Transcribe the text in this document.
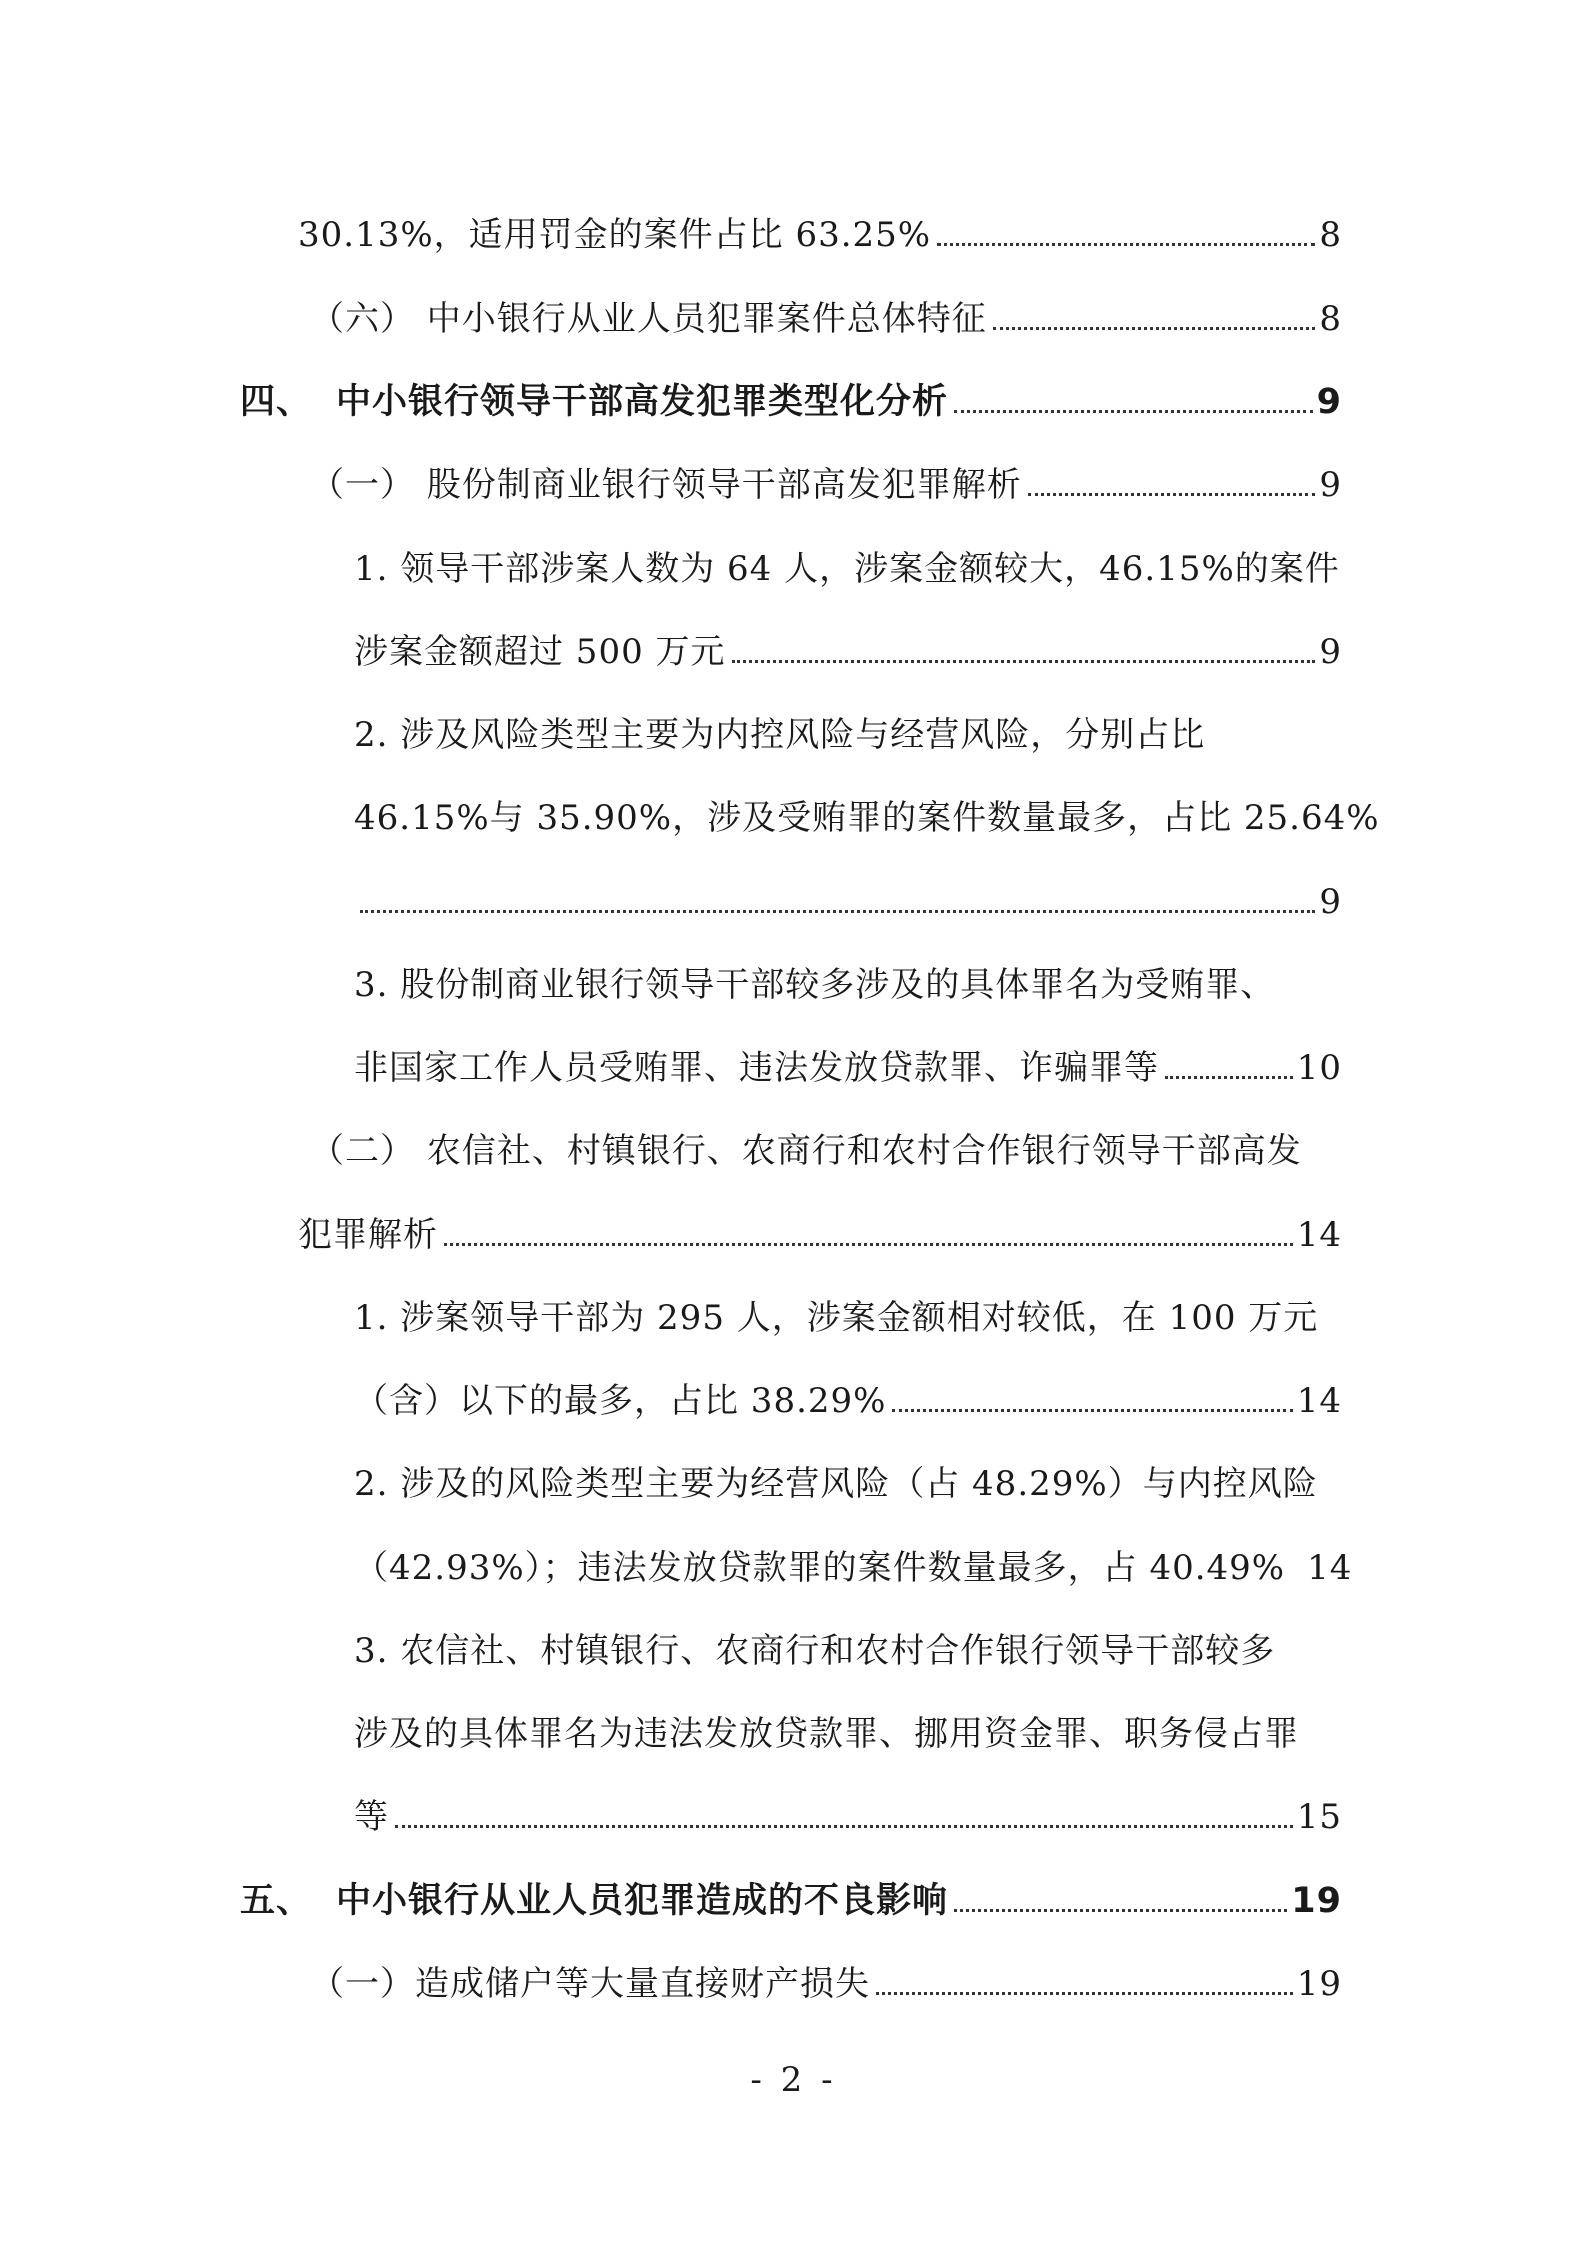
30.13%，适用罚金的案件占比 63.25%	8
（六） 中小银行从业人员犯罪案件总体特征	8
四、 中小银行领导干部高发犯罪类型化分析	9
（一） 股份制商业银行领导干部高发犯罪解析	9
1. 领导干部涉案人数为 64 人，涉案金额较大，46.15%的案件
涉案金额超过 500 万元	9
2. 涉及风险类型主要为内控风险与经营风险，分别占比
46.15%与 35.90%，涉及受贿罪的案件数量最多，占比 25.64%
9
3. 股份制商业银行领导干部较多涉及的具体罪名为受贿罪、
非国家工作人员受贿罪、违法发放贷款罪、诈骗罪等	10
（二） 农信社、村镇银行、农商行和农村合作银行领导干部高发
犯罪解析	14
1. 涉案领导干部为 295 人，涉案金额相对较低，在 100 万元
（含）以下的最多，占比 38.29%	14
2. 涉及的风险类型主要为经营风险（占 48.29%）与内控风险
（42.93%）；违法发放贷款罪的案件数量最多，占 40.49% 14
3. 农信社、村镇银行、农商行和农村合作银行领导干部较多
涉及的具体罪名为违法发放贷款罪、挪用资金罪、职务侵占罪
等	15
五、 中小银行从业人员犯罪造成的不良影响	19
（一）造成储户等大量直接财产损失	19
- 2 -
